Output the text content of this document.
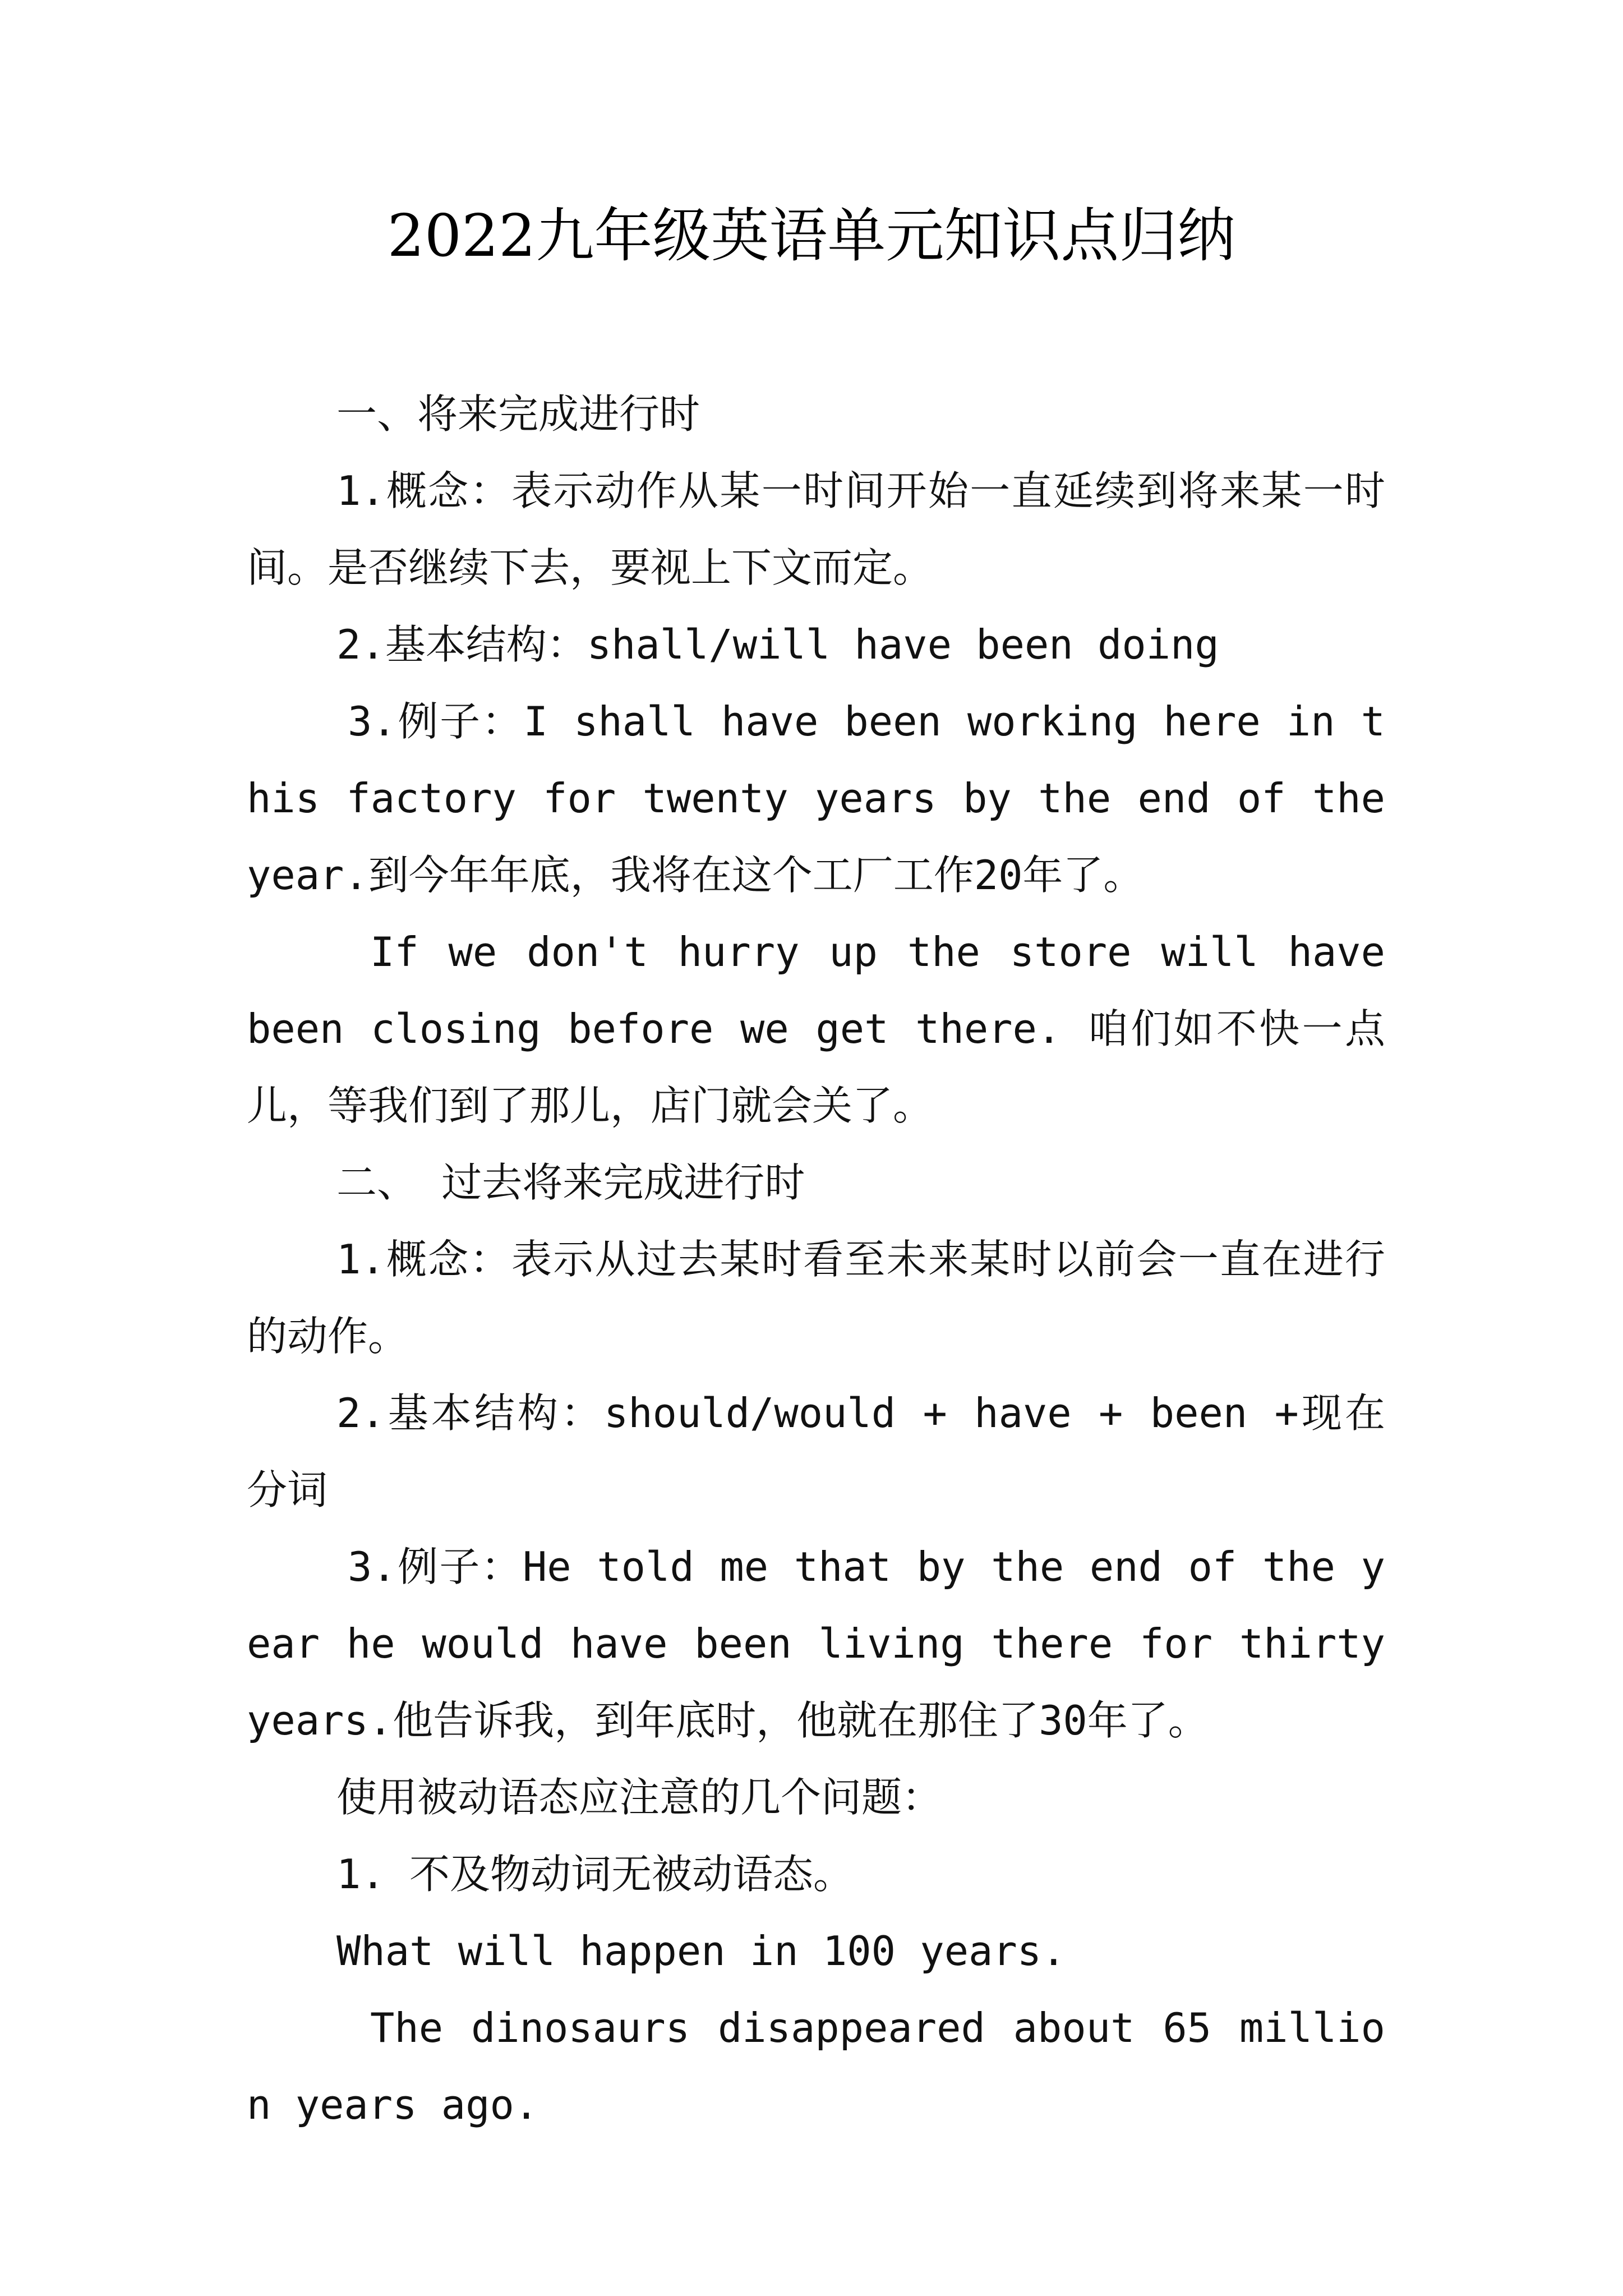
2022九年级英语单元知识点归纳

一、将来完成进行时

1.概念：表示动作从某一时间开始一直延续到将来某一时间。是否继续下去，要视上下文而定。

2.基本结构：shall/will have been doing

3.例子：I shall have been working here in this factory for twenty years by the end of the year.到今年年底，我将在这个工厂工作20年了。

If we don't hurry up the store will have been closing before we get there. 咱们如不快一点儿，等我们到了那儿，店门就会关了。

二、 过去将来完成进行时

1.概念：表示从过去某时看至未来某时以前会一直在进行的动作。

2.基本结构：should/would + have + been +现在分词

3.例子：He told me that by the end of the year he would have been living there for thirty years.他告诉我，到年底时，他就在那住了30年了。

使用被动语态应注意的几个问题：

1. 不及物动词无被动语态。

What will happen in 100 years.

The dinosaurs disappeared about 65 million years ago.
